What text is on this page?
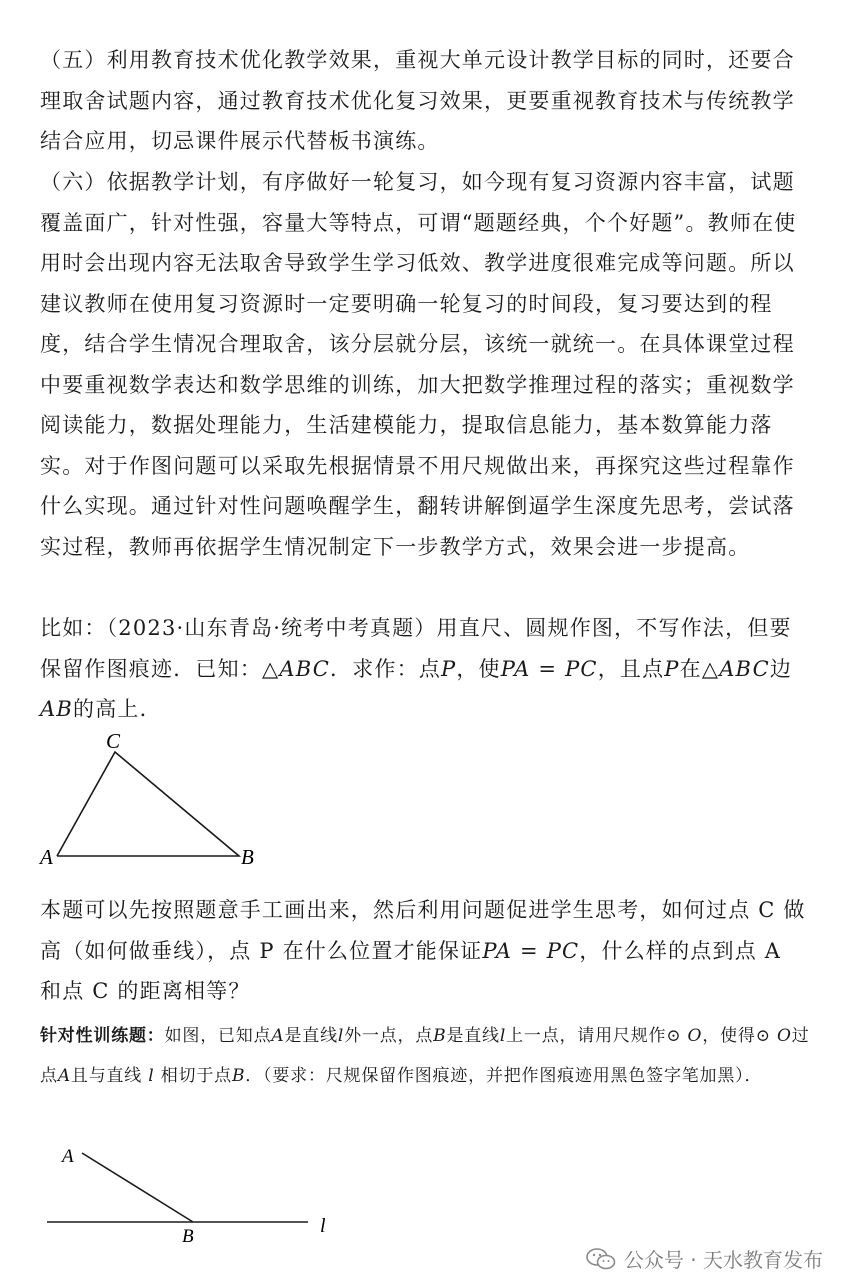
（五）利用教育技术优化教学效果，重视大单元设计教学目标的同时，还要合理取舍试题内容，通过教育技术优化复习效果，更要重视教育技术与传统教学结合应用，切忌课件展示代替板书演练。

（六）依据教学计划，有序做好一轮复习，如今现有复习资源内容丰富，试题覆盖面广，针对性强，容量大等特点，可谓“题题经典，个个好题”。教师在使用时会出现内容无法取舍导致学生学习低效、教学进度很难完成等问题。所以建议教师在使用复习资源时一定要明确一轮复习的时间段，复习要达到的程度，结合学生情况合理取舍，该分层就分层，该统一就统一。在具体课堂过程中要重视数学表达和数学思维的训练，加大把数学推理过程的落实；重视数学阅读能力，数据处理能力，生活建模能力，提取信息能力，基本数算能力落实。对于作图问题可以采取先根据情景不用尺规做出来，再探究这些过程靠作什么实现。通过针对性问题唤醒学生，翻转讲解倒逼学生深度先思考，尝试落实过程，教师再依据学生情况制定下一步教学方式，效果会进一步提高。

比如：（2023·山东青岛·统考中考真题）用直尺、圆规作图，不写作法，但要保留作图痕迹．已知：△ABC．求作：点P，使PA = PC，且点P在△ABC边AB的高上．

C
A	B
A
B	l

本题可以先按照题意手工画出来，然后利用问题促进学生思考，如何过点 C 做高（如何做垂线），点 P 在什么位置才能保证PA = PC，什么样的点到点 A 和点 C 的距离相等？

针对性训练题：如图，已知点A是直线l外一点，点B是直线l上一点，请用尺规作⊙ O，使得⊙ O过点A且与直线 l 相切于点B．（要求：尺规保留作图痕迹，并把作图痕迹用黑色签字笔加黑）．

公众号 · 天水教育发布
